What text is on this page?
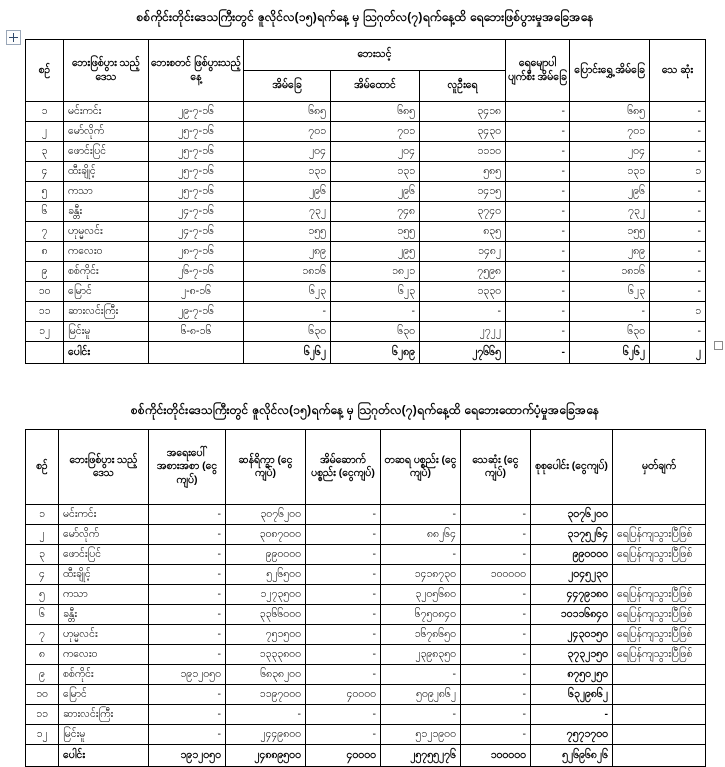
စစ်ကိုင်းတိုင်းဒေသကြီးတွင် ဇူလိုင်လ(၁၅)ရက်နေ့ မှ ဩဂုတ်လ(၇)ရက်နေ့ထိ ရေဘေးဖြစ်ပွားမှုအခြေအနေ
စဉ်	ဘေးဖြစ်ပွား သည့်ဒေသ	ဘေးစတင် ဖြစ်ပွားသည့်နေ့	ဘေးသင့်			ရေမျောပါ ပျက်စီး အိမ်ခြေ	ပြောင်းရွှေ့ အိမ်ခြေ	သေ ဆုံး
			အိမ်ခြေ	အိမ်ထောင်	လူဦးရေ			
၁	မင်းကင်း	၂၉-၇-၁၆	၆၈၅	၆၈၅	၃၄၁၈	-	၆၈၅	-
၂	မော်လိုက်	၂၅-၇-၁၆	၇၀၁	၇၀၁	၃၄၃၀	-	၇၀၁	-
၃	ဖောင်းပြင်	၂၅-၇-၁၆	၂၀၄	၂၀၄	၁၁၁၀	-	၂၀၄	-
၄	ထီးချိုင့်	၂၅-၇-၁၆	၁၃၁	၁၃၁	၅၈၅	-	၁၃၁	၁
၅	ကသာ	၂၅-၇-၁၆	၂၉၆	၂၉၆	၁၄၁၅	-	၂၉၆	-
၆	ခန္တီး	၂၄-၇-၁၆	၇၃၂	၇၄၈	၃၇၄၀	-	၇၃၂	-
၇	ဟုမ္မလင်း	၂၄-၇-၁၆	၁၅၅	၁၅၅	၈၃၅	-	၁၅၅	-
၈	ကလေးဝ	၂၈-၇-၁၆	၂၈၉	၂၉၅	၁၄၈၂	-	၂၈၉	-
၉	စစ်ကိုင်း	၂၆-၇-၁၆	၁၈၁၆	၁၈၂၁	၇၅၉၈	-	၁၈၁၆	-
၁၀	မြောင်	၂-၈-၁၆	၆၂၃	၆၂၃	၁၃၃၀	-	၆၂၃	-
၁၁	ဆားလင်းကြီး	၂၉-၇-၁၆	-	-	-	-	-	၁
၁၂	မြင်းမူ	၆-၈-၁၆	၆၃၀	၆၃၀	၂၇၂၂	-	၆၃၀	-
	ပေါင်း		၆၂၆၂	၆၂၈၉	၂၇၆၆၅	-	၆၂၆၂	၂
စစ်ကိုင်းတိုင်းဒေသကြီးတွင် ဇူလိုင်လ(၁၅)ရက်နေ့ မှ ဩဂုတ်လ(၇)ရက်နေ့ထိ ရေဘေးထောက်ပံ့မှုအခြေအနေ
စဉ်	ဘေးဖြစ်ပွား သည့်ဒေသ	အရေးပေါ် အစားအစာ (ငွေကျပ်)	ဆန်ရိက္ခာ (ငွေကျပ်)	အိမ်ဆောက် ပစ္စည်း (ငွေကျပ်)	တဆရ ပစ္စည်း (ငွေကျပ်)	သေဆုံး (ငွေကျပ်)	စုစုပေါင်း (ငွေကျပ်)	မှတ်ချက်
၁	မင်းကင်း	-	၃၀၇၆၂၀၀	-	-	-	၃၀၇၆၂၀၀	
၂	မော်လိုက်	-	၃၀၈၇၀၀၀	-	၈၈၂၆၄	-	၃၁၇၅၂၆၄	ရေပြန်ကျသွားပြီဖြစ်
၃	ဖောင်းပြင်	-	၉၉၀၀၀၀	-	-	-	၉၉၀၀၀၀	ရေပြန်ကျသွားပြီဖြစ်
၄	ထီးချိုင့်	-	၅၂၆၅၀၀	-	၁၄၁၈၇၃၀	၁၀၀၀၀၀	၂၀၄၅၂၃၀	
၅	ကသာ	-	၁၂၇၃၅၀၀	-	၃၂၀၅၆၈၀	-	၄၄၇၉၁၈၀	ရေပြန်ကျသွားပြီဖြစ်
၆	ခန္တီး	-	၃၃၆၆၀၀၀	-	၆၇၅၀၈၄၀	-	၁၀၁၁၆၈၄၀	ရေပြန်ကျသွားပြီဖြစ်
၇	ဟုမ္မလင်း	-	၇၅၁၅၀၀	-	၁၆၇၈၆၅၀	-	၂၄၃၀၁၅၀	ရေပြန်ကျသွားပြီဖြစ်
၈	ကလေးဝ	-	၁၃၃၃၈၀၀	-	၂၃၉၈၃၅၀	-	၃၇၃၂၁၅၀	ရေပြန်ကျသွားပြီဖြစ်
၉	စစ်ကိုင်း	၁၉၁၂၀၅၀	၆၈၃၈၂၀၀	-	-	-	၈၇၅၀၂၅၀	
၁၀	မြောင်	-	၁၁၉၇၀၀၀	၄၀၀၀၀	၅၀၉၂၈၆၂	-	၆၃၂၉၈၆၂	
၁၁	ဆားလင်းကြီး	-	-	-	-	-	-	
၁၂	မြင်းမူ	-	၂၄၄၉၈၀၀	-	၅၁၂၁၉၀၀	-	၇၅၇၁၇၀၀	
	ပေါင်း	၁၉၁၂၀၅၀	၂၄၈၈၉၅၀၀	၄၀၀၀၀	၂၅၇၅၅၂၇၆	၁၀၀၀၀၀	၅၂၆၉၆၈၂၆	
